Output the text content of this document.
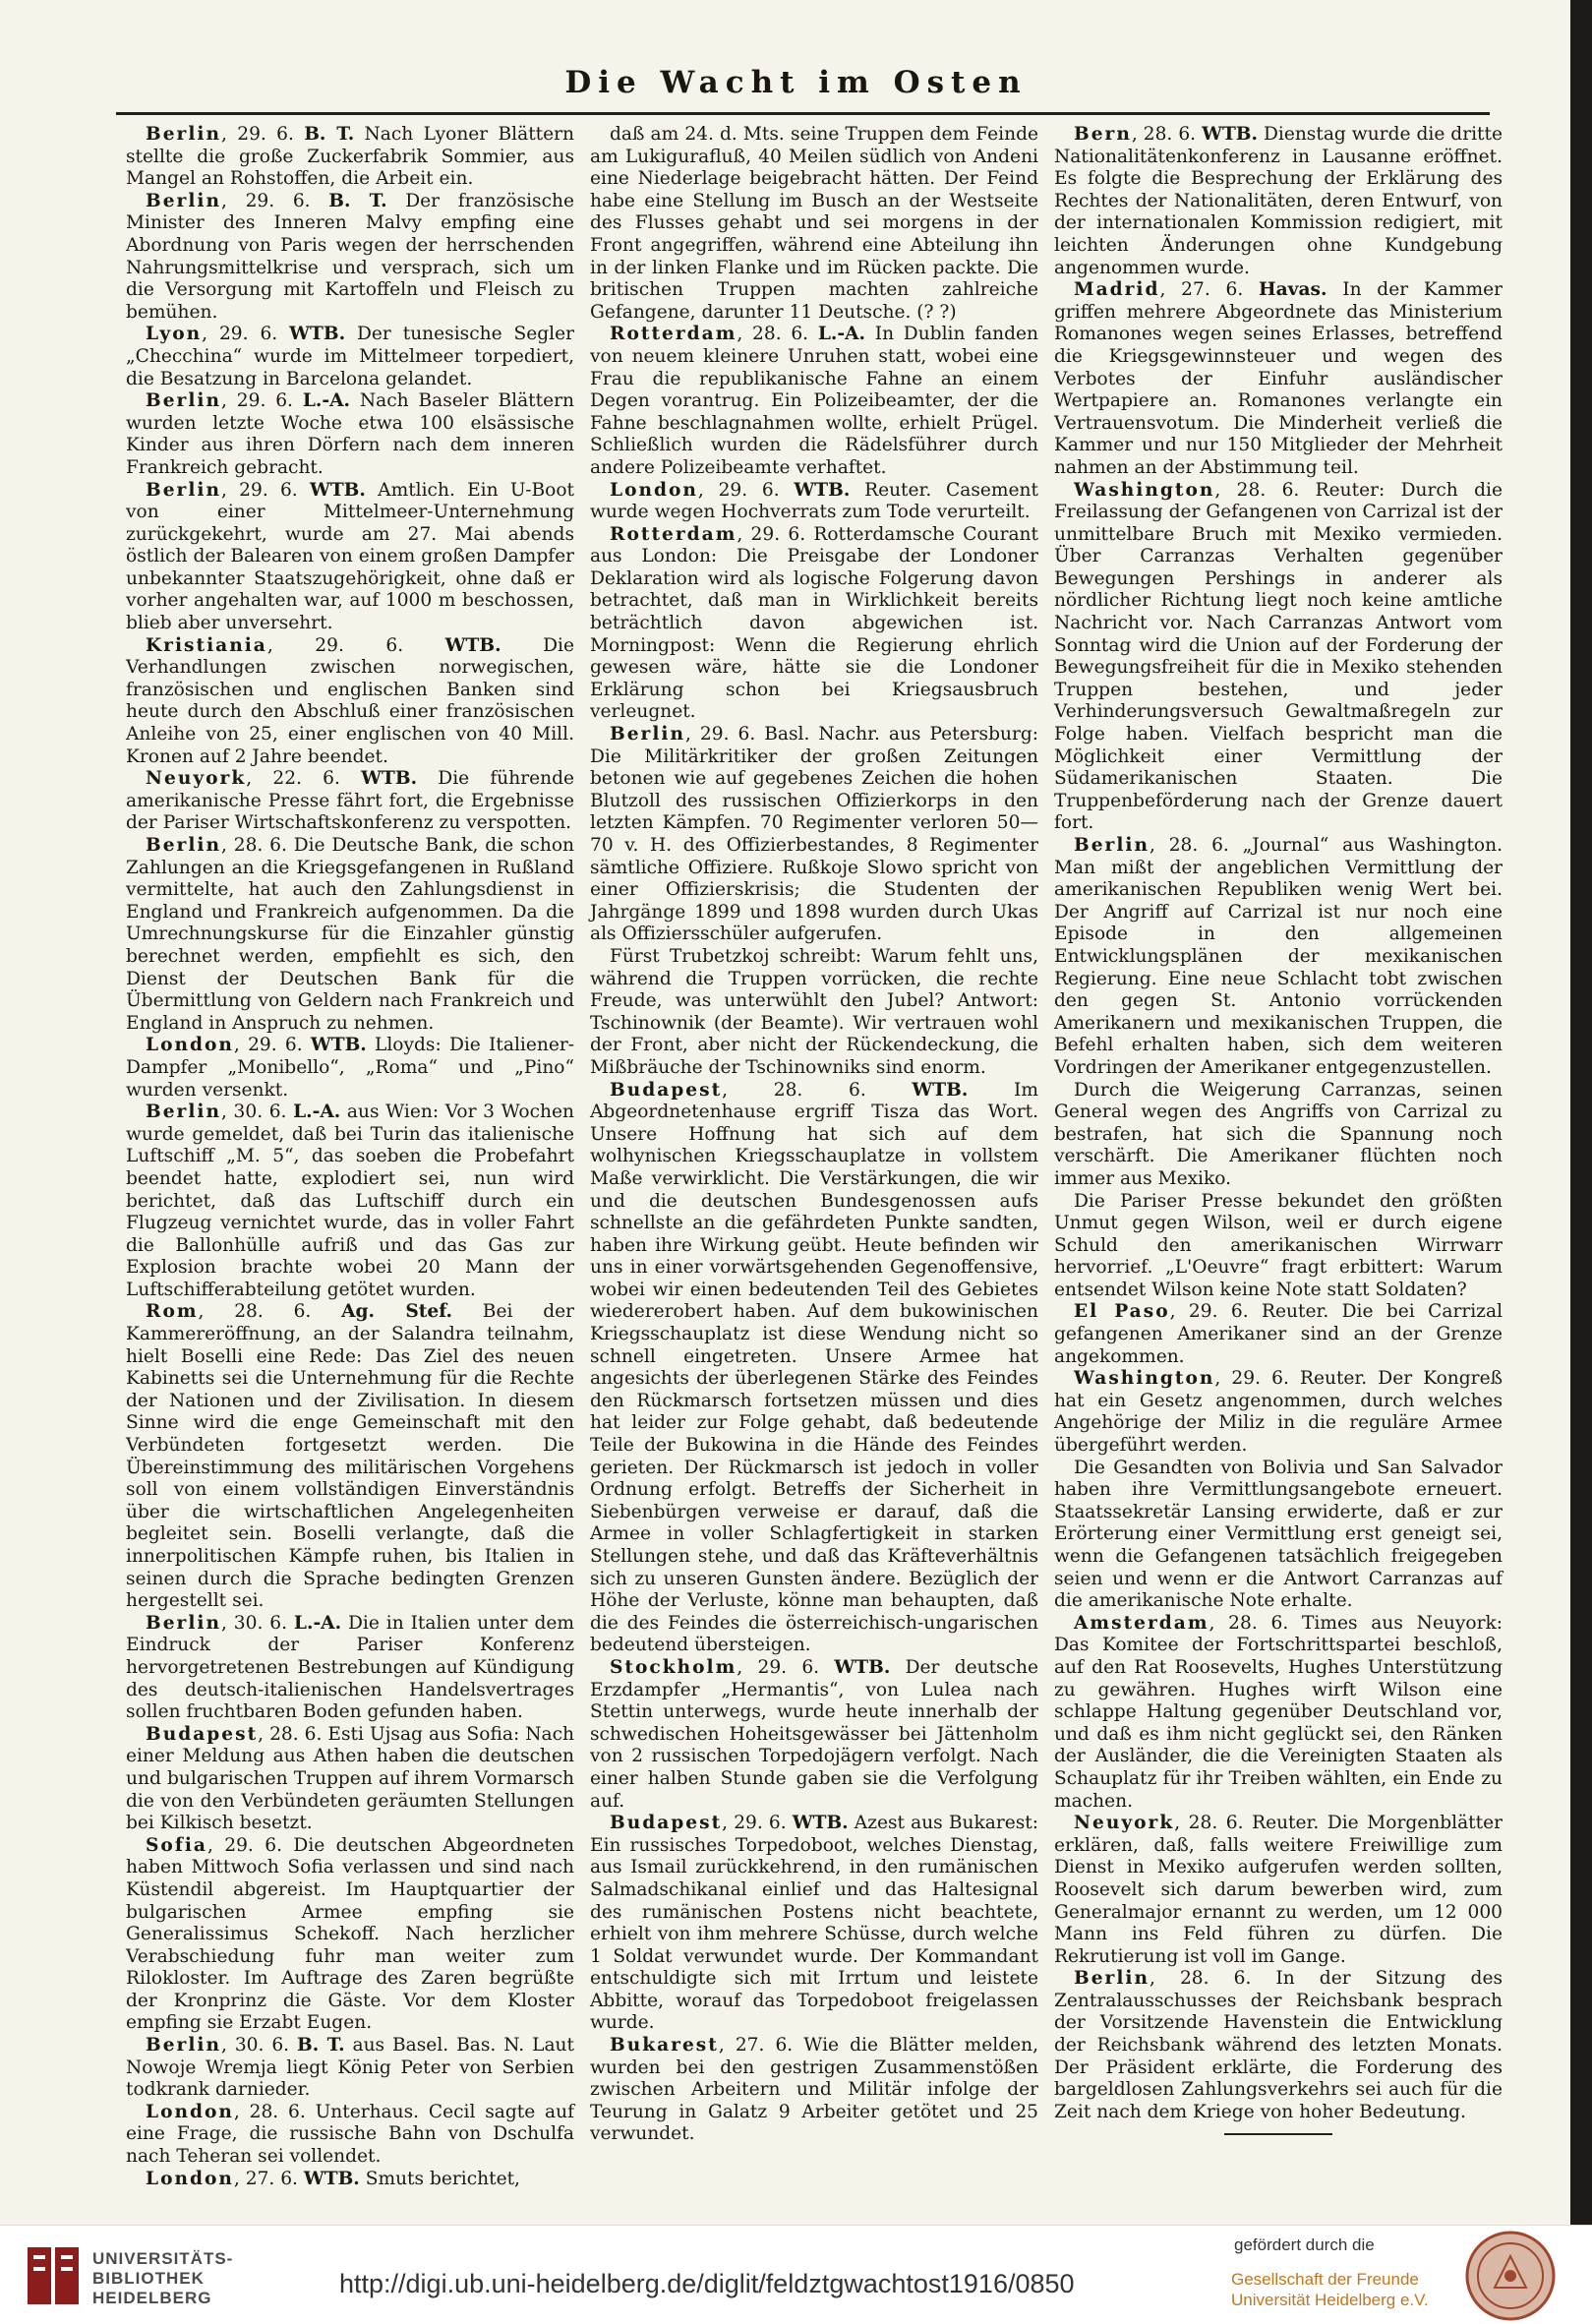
Die Wacht im Osten

Berlin, 29. 6. B. T. Nach Lyoner Blättern stellte die große Zuckerfabrik Sommier, aus Mangel an Rohstoffen, die Arbeit ein.

Berlin, 29. 6. B. T. Der französische Minister des Inneren Malvy empfing eine Abordnung von Paris wegen der herrschenden Nahrungsmittelkrise und versprach, sich um die Versorgung mit Kartoffeln und Fleisch zu bemühen.

Lyon, 29. 6. WTB. Der tunesische Segler „Checchina“ wurde im Mittelmeer torpediert, die Besatzung in Barcelona gelandet.

Berlin, 29. 6. L.-A. Nach Baseler Blättern wurden letzte Woche etwa 100 elsässische Kinder aus ihren Dörfern nach dem inneren Frankreich gebracht.

Berlin, 29. 6. WTB. Amtlich. Ein U-Boot von einer Mittelmeer-Unternehmung zurückgekehrt, wurde am 27. Mai abends östlich der Balearen von einem großen Dampfer unbekannter Staatszugehörigkeit, ohne daß er vorher angehalten war, auf 1000 m beschossen, blieb aber unversehrt.

Kristiania, 29. 6. WTB. Die Verhandlungen zwischen norwegischen, französischen und englischen Banken sind heute durch den Abschluß einer französischen Anleihe von 25, einer englischen von 40 Mill. Kronen auf 2 Jahre beendet.

Neuyork, 22. 6. WTB. Die führende amerikanische Presse fährt fort, die Ergebnisse der Pariser Wirtschaftskonferenz zu verspotten.

Berlin, 28. 6. Die Deutsche Bank, die schon Zahlungen an die Kriegsgefangenen in Rußland vermittelte, hat auch den Zahlungsdienst in England und Frankreich aufgenommen. Da die Umrechnungskurse für die Einzahler günstig berechnet werden, empfiehlt es sich, den Dienst der Deutschen Bank für die Übermittlung von Geldern nach Frankreich und England in Anspruch zu nehmen.

London, 29. 6. WTB. Lloyds: Die Italiener-Dampfer „Monibello“, „Roma“ und „Pino“ wurden versenkt.

Berlin, 30. 6. L.-A. aus Wien: Vor 3 Wochen wurde gemeldet, daß bei Turin das italienische Luftschiff „M. 5“, das soeben die Probefahrt beendet hatte, explodiert sei, nun wird berichtet, daß das Luftschiff durch ein Flugzeug vernichtet wurde, das in voller Fahrt die Ballonhülle aufriß und das Gas zur Explosion brachte wobei 20 Mann der Luftschifferabteilung getötet wurden.

Rom, 28. 6. Ag. Stef. Bei der Kammereröffnung, an der Salandra teilnahm, hielt Boselli eine Rede: Das Ziel des neuen Kabinetts sei die Unternehmung für die Rechte der Nationen und der Zivilisation. In diesem Sinne wird die enge Gemeinschaft mit den Verbündeten fortgesetzt werden. Die Übereinstimmung des militärischen Vorgehens soll von einem vollständigen Einverständnis über die wirtschaftlichen Angelegenheiten begleitet sein. Boselli verlangte, daß die innerpolitischen Kämpfe ruhen, bis Italien in seinen durch die Sprache bedingten Grenzen hergestellt sei.

Berlin, 30. 6. L.-A. Die in Italien unter dem Eindruck der Pariser Konferenz hervorgetretenen Bestrebungen auf Kündigung des deutsch-italienischen Handelsvertrages sollen fruchtbaren Boden gefunden haben.

Budapest, 28. 6. Esti Ujsag aus Sofia: Nach einer Meldung aus Athen haben die deutschen und bulgarischen Truppen auf ihrem Vormarsch die von den Verbündeten geräumten Stellungen bei Kilkisch besetzt.

Sofia, 29. 6. Die deutschen Abgeordneten haben Mittwoch Sofia verlassen und sind nach Küstendil abgereist. Im Hauptquartier der bulgarischen Armee empfing sie Generalissimus Schekoff. Nach herzlicher Verabschiedung fuhr man weiter zum Rilokloster. Im Auftrage des Zaren begrüßte der Kronprinz die Gäste. Vor dem Kloster empfing sie Erzabt Eugen.

Berlin, 30. 6. B. T. aus Basel. Bas. N. Laut Nowoje Wremja liegt König Peter von Serbien todkrank darnieder.

London, 28. 6. Unterhaus. Cecil sagte auf eine Frage, die russische Bahn von Dschulfa nach Teheran sei vollendet.

London, 27. 6. WTB. Smuts berichtet,

daß am 24. d. Mts. seine Truppen dem Feinde am Lukigurafluß, 40 Meilen südlich von Andeni eine Niederlage beigebracht hätten. Der Feind habe eine Stellung im Busch an der Westseite des Flusses gehabt und sei morgens in der Front angegriffen, während eine Abteilung ihn in der linken Flanke und im Rücken packte. Die britischen Truppen machten zahlreiche Gefangene, darunter 11 Deutsche. (? ?)

Rotterdam, 28. 6. L.-A. In Dublin fanden von neuem kleinere Unruhen statt, wobei eine Frau die republikanische Fahne an einem Degen vorantrug. Ein Polizeibeamter, der die Fahne beschlagnahmen wollte, erhielt Prügel. Schließlich wurden die Rädelsführer durch andere Polizeibeamte verhaftet.

London, 29. 6. WTB. Reuter. Casement wurde wegen Hochverrats zum Tode verurteilt.

Rotterdam, 29. 6. Rotterdamsche Courant aus London: Die Preisgabe der Londoner Deklaration wird als logische Folgerung davon betrachtet, daß man in Wirklichkeit bereits beträchtlich davon abgewichen ist. Morningpost: Wenn die Regierung ehrlich gewesen wäre, hätte sie die Londoner Erklärung schon bei Kriegsausbruch verleugnet.

Berlin, 29. 6. Basl. Nachr. aus Petersburg: Die Militärkritiker der großen Zeitungen betonen wie auf gegebenes Zeichen die hohen Blutzoll des russischen Offizierkorps in den letzten Kämpfen. 70 Regimenter verloren 50—70 v. H. des Offizierbestandes, 8 Regimenter sämtliche Offiziere. Rußkoje Slowo spricht von einer Offizierskrisis; die Studenten der Jahrgänge 1899 und 1898 wurden durch Ukas als Offiziersschüler aufgerufen.

Fürst Trubetzkoj schreibt: Warum fehlt uns, während die Truppen vorrücken, die rechte Freude, was unterwühlt den Jubel? Antwort: Tschinownik (der Beamte). Wir vertrauen wohl der Front, aber nicht der Rückendeckung, die Mißbräuche der Tschinowniks sind enorm.

Budapest, 28. 6. WTB. Im Abgeordnetenhause ergriff Tisza das Wort. Unsere Hoffnung hat sich auf dem wolhynischen Kriegsschauplatze in vollstem Maße verwirklicht. Die Verstärkungen, die wir und die deutschen Bundesgenossen aufs schnellste an die gefährdeten Punkte sandten, haben ihre Wirkung geübt. Heute befinden wir uns in einer vorwärtsgehenden Gegenoffensive, wobei wir einen bedeutenden Teil des Gebietes wiedererobert haben. Auf dem bukowinischen Kriegsschauplatz ist diese Wendung nicht so schnell eingetreten. Unsere Armee hat angesichts der überlegenen Stärke des Feindes den Rückmarsch fortsetzen müssen und dies hat leider zur Folge gehabt, daß bedeutende Teile der Bukowina in die Hände des Feindes gerieten. Der Rückmarsch ist jedoch in voller Ordnung erfolgt. Betreffs der Sicherheit in Siebenbürgen verweise er darauf, daß die Armee in voller Schlagfertigkeit in starken Stellungen stehe, und daß das Kräfteverhältnis sich zu unseren Gunsten ändere. Bezüglich der Höhe der Verluste, könne man behaupten, daß die des Feindes die österreichisch-ungarischen bedeutend übersteigen.

Stockholm, 29. 6. WTB. Der deutsche Erzdampfer „Hermantis“, von Lulea nach Stettin unterwegs, wurde heute innerhalb der schwedischen Hoheitsgewässer bei Jättenholm von 2 russischen Torpedojägern verfolgt. Nach einer halben Stunde gaben sie die Verfolgung auf.

Budapest, 29. 6. WTB. Azest aus Bukarest: Ein russisches Torpedoboot, welches Dienstag, aus Ismail zurückkehrend, in den rumänischen Salmadschikanal einlief und das Haltesignal des rumänischen Postens nicht beachtete, erhielt von ihm mehrere Schüsse, durch welche 1 Soldat verwundet wurde. Der Kommandant entschuldigte sich mit Irrtum und leistete Abbitte, worauf das Torpedoboot freigelassen wurde.

Bukarest, 27. 6. Wie die Blätter melden, wurden bei den gestrigen Zusammenstößen zwischen Arbeitern und Militär infolge der Teurung in Galatz 9 Arbeiter getötet und 25 verwundet.

Bern, 28. 6. WTB. Dienstag wurde die dritte Nationalitätenkonferenz in Lausanne eröffnet. Es folgte die Besprechung der Erklärung des Rechtes der Nationalitäten, deren Entwurf, von der internationalen Kommission redigiert, mit leichten Änderungen ohne Kundgebung angenommen wurde.

Madrid, 27. 6. Havas. In der Kammer griffen mehrere Abgeordnete das Ministerium Romanones wegen seines Erlasses, betreffend die Kriegsgewinnsteuer und wegen des Verbotes der Einfuhr ausländischer Wertpapiere an. Romanones verlangte ein Vertrauensvotum. Die Minderheit verließ die Kammer und nur 150 Mitglieder der Mehrheit nahmen an der Abstimmung teil.

Washington, 28. 6. Reuter: Durch die Freilassung der Gefangenen von Carrizal ist der unmittelbare Bruch mit Mexiko vermieden. Über Carranzas Verhalten gegenüber Bewegungen Pershings in anderer als nördlicher Richtung liegt noch keine amtliche Nachricht vor. Nach Carranzas Antwort vom Sonntag wird die Union auf der Forderung der Bewegungsfreiheit für die in Mexiko stehenden Truppen bestehen, und jeder Verhinderungsversuch Gewaltmaßregeln zur Folge haben. Vielfach bespricht man die Möglichkeit einer Vermittlung der Südamerikanischen Staaten. Die Truppenbeförderung nach der Grenze dauert fort.

Berlin, 28. 6. „Journal“ aus Washington. Man mißt der angeblichen Vermittlung der amerikanischen Republiken wenig Wert bei. Der Angriff auf Carrizal ist nur noch eine Episode in den allgemeinen Entwicklungsplänen der mexikanischen Regierung. Eine neue Schlacht tobt zwischen den gegen St. Antonio vorrückenden Amerikanern und mexikanischen Truppen, die Befehl erhalten haben, sich dem weiteren Vordringen der Amerikaner entgegenzustellen.

Durch die Weigerung Carranzas, seinen General wegen des Angriffs von Carrizal zu bestrafen, hat sich die Spannung noch verschärft. Die Amerikaner flüchten noch immer aus Mexiko.

Die Pariser Presse bekundet den größten Unmut gegen Wilson, weil er durch eigene Schuld den amerikanischen Wirrwarr hervorrief. „L'Oeuvre“ fragt erbittert: Warum entsendet Wilson keine Note statt Soldaten?

El Paso, 29. 6. Reuter. Die bei Carrizal gefangenen Amerikaner sind an der Grenze angekommen.

Washington, 29. 6. Reuter. Der Kongreß hat ein Gesetz angenommen, durch welches Angehörige der Miliz in die reguläre Armee übergeführt werden.

Die Gesandten von Bolivia und San Salvador haben ihre Vermittlungsangebote erneuert. Staatssekretär Lansing erwiderte, daß er zur Erörterung einer Vermittlung erst geneigt sei, wenn die Gefangenen tatsächlich freigegeben seien und wenn er die Antwort Carranzas auf die amerikanische Note erhalte.

Amsterdam, 28. 6. Times aus Neuyork: Das Komitee der Fortschrittspartei beschloß, auf den Rat Roosevelts, Hughes Unterstützung zu gewähren. Hughes wirft Wilson eine schlappe Haltung gegenüber Deutschland vor, und daß es ihm nicht geglückt sei, den Ränken der Ausländer, die die Vereinigten Staaten als Schauplatz für ihr Treiben wählten, ein Ende zu machen.

Neuyork, 28. 6. Reuter. Die Morgenblätter erklären, daß, falls weitere Freiwillige zum Dienst in Mexiko aufgerufen werden sollten, Roosevelt sich darum bewerben wird, zum Generalmajor ernannt zu werden, um 12 000 Mann ins Feld führen zu dürfen. Die Rekrutierung ist voll im Gange.

Berlin, 28. 6. In der Sitzung des Zentralausschusses der Reichsbank besprach der Vorsitzende Havenstein die Entwicklung der Reichsbank während des letzten Monats. Der Präsident erklärte, die Forderung des bargeldlosen Zahlungsverkehrs sei auch für die Zeit nach dem Kriege von hoher Bedeutung.

UNIVERSITÄTS-
BIBLIOTHEK
HEIDELBERG	http://digi.ub.uni-heidelberg.de/diglit/feldztgwachtost1916/0850
gefördert durch die
Gesellschaft der Freunde
Universität Heidelberg e.V.
